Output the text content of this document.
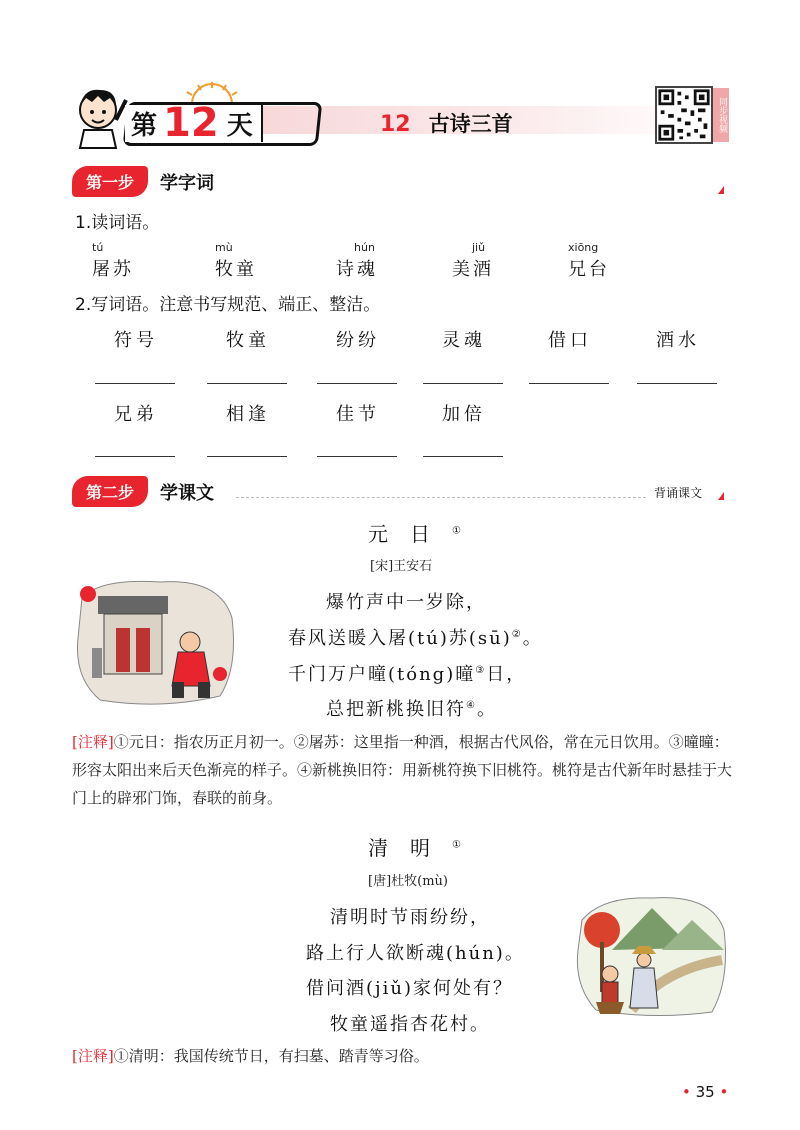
第 12 天	12 古诗三首	同步视频
第一步	学字词
1.读词语。
tú
屠苏
mù
牧童
hún
诗魂
jiǔ
美酒
xiōng
兄台
2.写词语。注意书写规范、端正、整洁。
符号	牧童	纷纷	灵魂	借口	酒水
兄弟	相逢	佳节	加倍
第二步	学课文	背诵课文
元日①
[宋]王安石
爆竹声中一岁除，
春风送暖入屠(tú)苏(sū)②。
千门万户曈(tóng)曈③日，
总把新桃换旧符④。
[注释]①元日：指农历正月初一。②屠苏：这里指一种酒，根据古代风俗，常在元日饮用。③曈曈：形容太阳出来后天色渐亮的样子。④新桃换旧符：用新桃符换下旧桃符。桃符是古代新年时悬挂于大门上的辟邪门饰，春联的前身。
清明①
[唐]杜牧(mù)
清明时节雨纷纷，
路上行人欲断魂(hún)。
借问酒(jiǔ)家何处有？
牧童遥指杏花村。
[注释]①清明：我国传统节日，有扫墓、踏青等习俗。
• 35 •
